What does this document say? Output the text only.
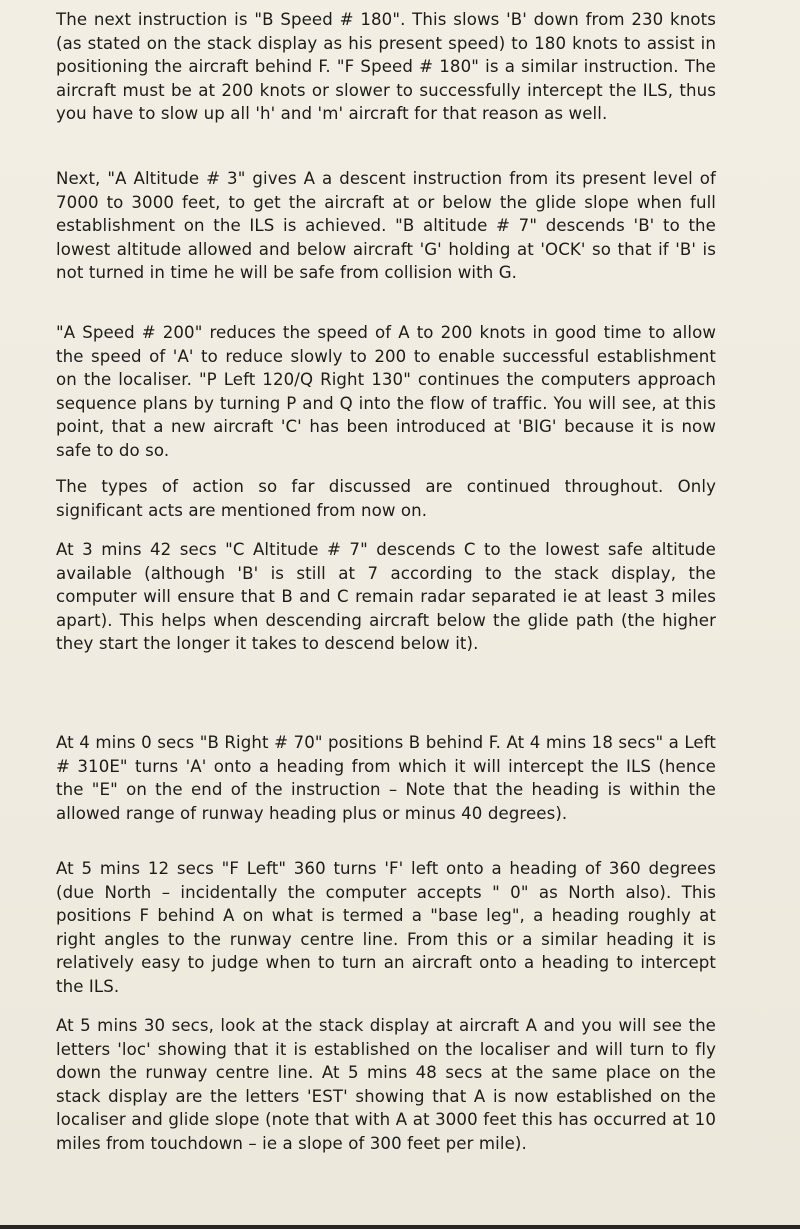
The next instruction is "B Speed # 180". This slows 'B' down from 230 knots (as stated on the stack display as his present speed) to 180 knots to assist in positioning the aircraft behind F. "F Speed # 180" is a similar instruction. The aircraft must be at 200 knots or slower to successfully intercept the ILS, thus you have to slow up all 'h' and 'm' aircraft for that reason as well.

Next, "A Altitude # 3" gives A a descent instruction from its present level of 7000 to 3000 feet, to get the aircraft at or below the glide slope when full establishment on the ILS is achieved. "B altitude # 7" descends 'B' to the lowest altitude allowed and below aircraft 'G' holding at 'OCK' so that if 'B' is not turned in time he will be safe from collision with G.

"A Speed # 200" reduces the speed of A to 200 knots in good time to allow the speed of 'A' to reduce slowly to 200 to enable successful establishment on the localiser. "P Left 120/Q Right 130" continues the computers approach sequence plans by turning P and Q into the flow of traffic. You will see, at this point, that a new aircraft 'C' has been introduced at 'BIG' because it is now safe to do so.

The types of action so far discussed are continued throughout. Only significant acts are mentioned from now on.

At 3 mins 42 secs "C Altitude # 7" descends C to the lowest safe altitude available (although 'B' is still at 7 according to the stack display, the computer will ensure that B and C remain radar separated ie at least 3 miles apart). This helps when descending aircraft below the glide path (the higher they start the longer it takes to descend below it).

At 4 mins 0 secs "B Right # 70" positions B behind F. At 4 mins 18 secs" a Left # 310E" turns 'A' onto a heading from which it will intercept the ILS (hence the "E" on the end of the instruction – Note that the heading is within the allowed range of runway heading plus or minus 40 degrees).

At 5 mins 12 secs "F Left" 360 turns 'F' left onto a heading of 360 degrees (due North – incidentally the computer accepts " 0" as North also). This positions F behind A on what is termed a "base leg", a heading roughly at right angles to the runway centre line. From this or a similar heading it is relatively easy to judge when to turn an aircraft onto a heading to intercept the ILS.

At 5 mins 30 secs, look at the stack display at aircraft A and you will see the letters 'loc' showing that it is established on the localiser and will turn to fly down the runway centre line. At 5 mins 48 secs at the same place on the stack display are the letters 'EST' showing that A is now established on the localiser and glide slope (note that with A at 3000 feet this has occurred at 10 miles from touchdown – ie a slope of 300 feet per mile).
